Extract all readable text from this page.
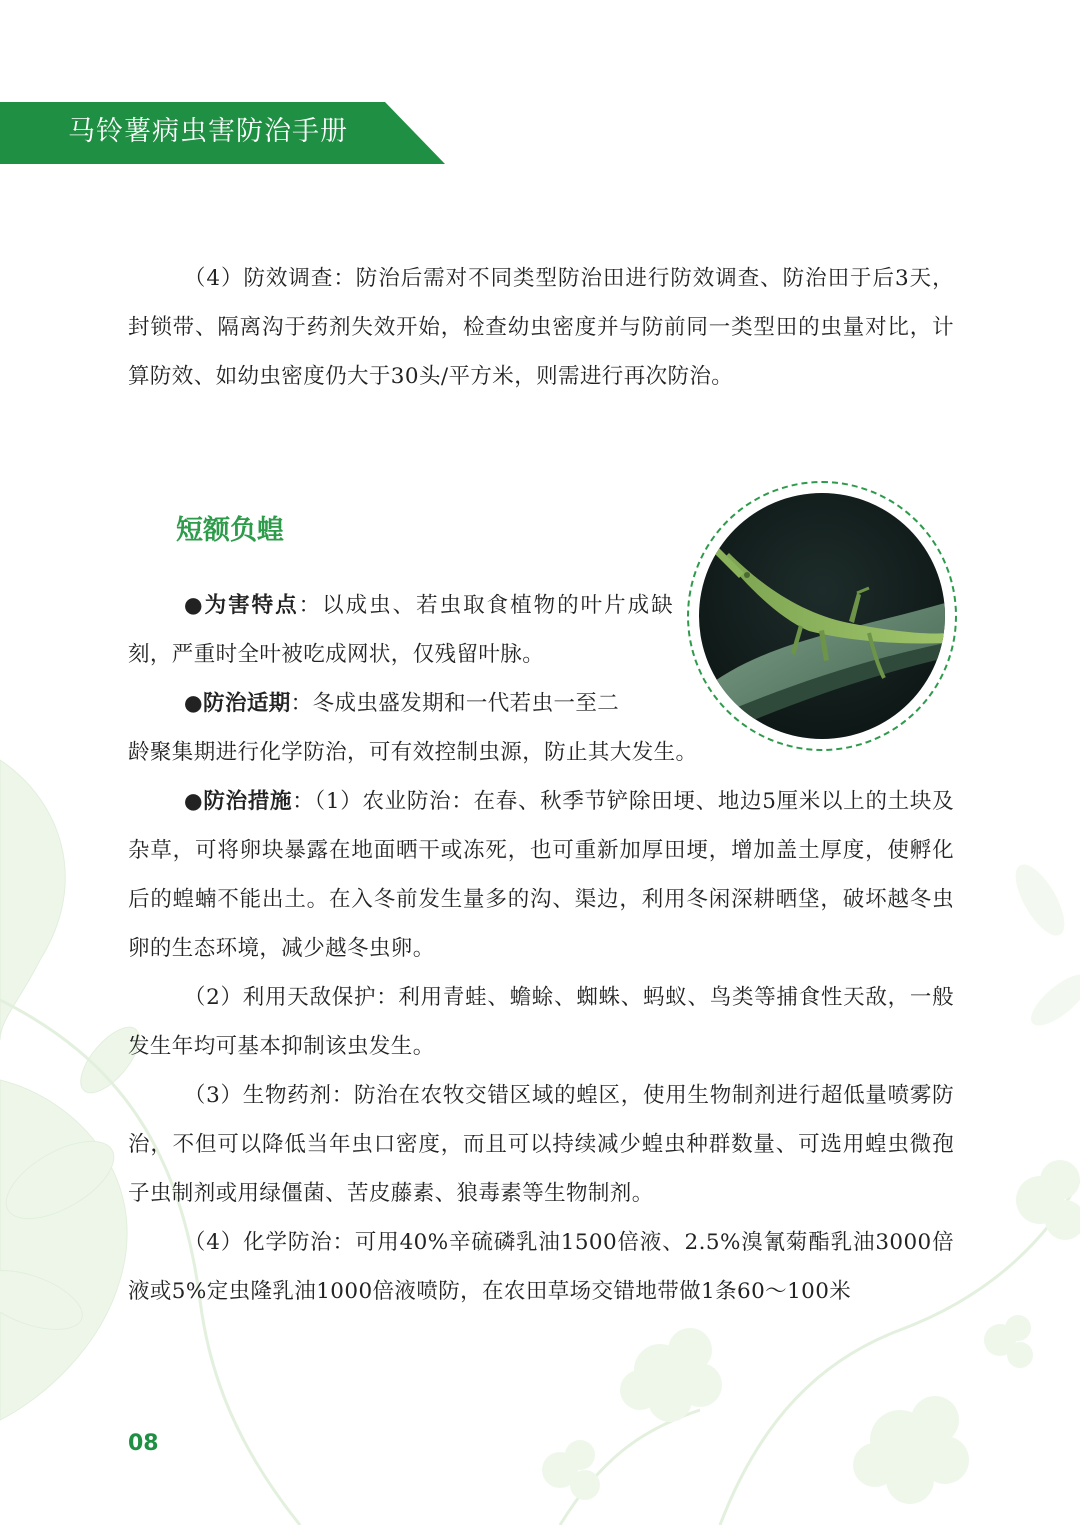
马铃薯病虫害防治手册

（4）防效调查：防治后需对不同类型防治田进行防效调查、防治田于后3天，封锁带、隔离沟于药剂失效开始，检查幼虫密度并与防前同一类型田的虫量对比，计算防效、如幼虫密度仍大于30头/平方米，则需进行再次防治。

短额负蝗

●为害特点：以成虫、若虫取食植物的叶片成缺刻，严重时全叶被吃成网状，仅残留叶脉。

●防治适期：冬成虫盛发期和一代若虫一至二

龄聚集期进行化学防治，可有效控制虫源，防止其大发生。

●防治措施：（1）农业防治：在春、秋季节铲除田埂、地边5厘米以上的土块及杂草，可将卵块暴露在地面晒干或冻死，也可重新加厚田埂，增加盖土厚度，使孵化后的蝗蝻不能出土。在入冬前发生量多的沟、渠边，利用冬闲深耕晒垡，破坏越冬虫卵的生态环境，减少越冬虫卵。

（2）利用天敌保护：利用青蛙、蟾蜍、蜘蛛、蚂蚁、鸟类等捕食性天敌，一般发生年均可基本抑制该虫发生。

（3）生物药剂：防治在农牧交错区域的蝗区，使用生物制剂进行超低量喷雾防治，不但可以降低当年虫口密度，而且可以持续减少蝗虫种群数量、可选用蝗虫微孢子虫制剂或用绿僵菌、苦皮藤素、狼毒素等生物制剂。

（4）化学防治：可用40%辛硫磷乳油1500倍液、2.5%溴氰菊酯乳油3000倍液或5%定虫隆乳油1000倍液喷防，在农田草场交错地带做1条60～100米

08
